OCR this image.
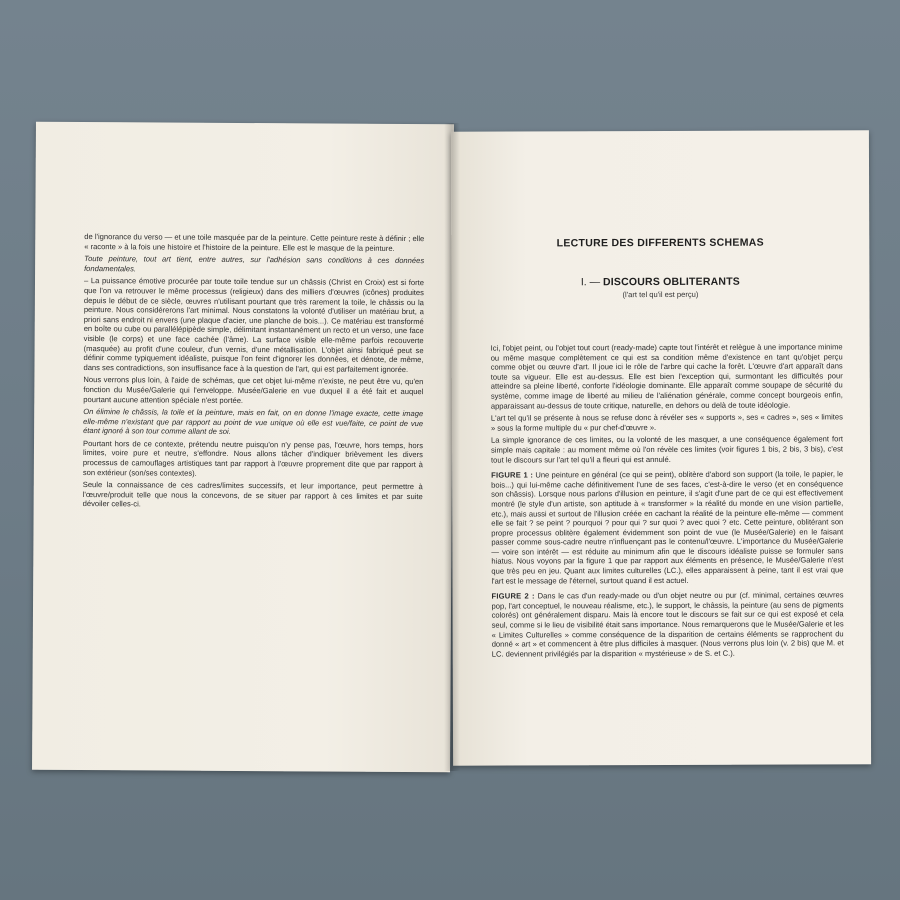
de l'ignorance du verso — et une toile masquée par de la peinture. Cette peinture reste à définir ; elle « raconte » à la fois une histoire et l'histoire de la peinture. Elle est le masque de la peinture.

Toute peinture, tout art tient, entre autres, sur l'adhésion sans conditions à ces données fondamentales.

– La puissance émotive procurée par toute toile tendue sur un châssis (Christ en Croix) est si forte que l'on va retrouver le même processus (religieux) dans des milliers d'œuvres (icônes) produites depuis le début de ce siècle, œuvres n'utilisant pourtant que très rarement la toile, le châssis ou la peinture. Nous considérerons l'art minimal. Nous constatons la volonté d'utiliser un matériau brut, a priori sans endroit ni envers (une plaque d'acier, une planche de bois...). Ce matériau est transformé en boîte ou cube ou parallélépipède simple, délimitant instantanément un recto et un verso, une face visible (le corps) et une face cachée (l'âme). La surface visible elle-même parfois recouverte (masquée) au profit d'une couleur, d'un vernis, d'une métallisation. L'objet ainsi fabriqué peut se définir comme typiquement idéaliste, puisque l'on feint d'ignorer les données, et dénote, de même, dans ses contradictions, son insuffisance face à la question de l'art, qui est parfaitement ignorée.

Nous verrons plus loin, à l'aide de schémas, que cet objet lui-même n'existe, ne peut être vu, qu'en fonction du Musée/Galerie qui l'enveloppe. Musée/Galerie en vue duquel il a été fait et auquel pourtant aucune attention spéciale n'est portée.

On élimine le châssis, la toile et la peinture, mais en fait, on en donne l'image exacte, cette image elle-même n'existant que par rapport au point de vue unique où elle est vue/faite, ce point de vue étant ignoré à son tour comme allant de soi.

Pourtant hors de ce contexte, prétendu neutre puisqu'on n'y pense pas, l'œuvre, hors temps, hors limites, voire pure et neutre, s'effondre. Nous allons tâcher d'indiquer brièvement les divers processus de camouflages artistiques tant par rapport à l'œuvre proprement dite que par rapport à son extérieur (son/ses contextes).

Seule la connaissance de ces cadres/limites successifs, et leur importance, peut permettre à l'œuvre/produit telle que nous la concevons, de se situer par rapport à ces limites et par suite dévoiler celles-ci.

LECTURE DES DIFFERENTS SCHEMAS
I. — DISCOURS OBLITERANTS
(l'art tel qu'il est perçu)

Ici, l'objet peint, ou l'objet tout court (ready-made) capte tout l'intérêt et relègue à une importance minime ou même masque complètement ce qui est sa condition même d'existence en tant qu'objet perçu comme objet ou œuvre d'art. Il joue ici le rôle de l'arbre qui cache la forêt. L'œuvre d'art apparaît dans toute sa vigueur. Elle est au-dessus. Elle est bien l'exception qui, surmontant les difficultés pour atteindre sa pleine liberté, conforte l'idéologie dominante. Elle apparaît comme soupape de sécurité du système, comme image de liberté au milieu de l'aliénation générale, comme concept bourgeois enfin, apparaissant au-dessus de toute critique, naturelle, en dehors ou delà de toute idéologie.

L'art tel qu'il se présente à nous se refuse donc à révéler ses « supports », ses « cadres », ses « limites » sous la forme multiple du « pur chef-d'œuvre ».

La simple ignorance de ces limites, ou la volonté de les masquer, a une conséquence également fort simple mais capitale : au moment même où l'on révèle ces limites (voir figures 1 bis, 2 bis, 3 bis), c'est tout le discours sur l'art tel qu'il a fleuri qui est annulé.

FIGURE 1 : Une peinture en général (ce qui se peint), oblitère d'abord son support (la toile, le papier, le bois...) qui lui-même cache définitivement l'une de ses faces, c'est-à-dire le verso (et en conséquence son châssis). Lorsque nous parlons d'illusion en peinture, il s'agit d'une part de ce qui est effectivement montré (le style d'un artiste, son aptitude à « transformer » la réalité du monde en une vision partielle, etc.), mais aussi et surtout de l'illusion créée en cachant la réalité de la peinture elle-même — comment elle se fait ? se peint ? pourquoi ? pour qui ? sur quoi ? avec quoi ? etc. Cette peinture, oblitérant son propre processus oblitère également évidemment son point de vue (le Musée/Galerie) en le faisant passer comme sous-cadre neutre n'influençant pas le contenu/l'œuvre. L'importance du Musée/Galerie — voire son intérêt — est réduite au minimum afin que le discours idéaliste puisse se formuler sans hiatus. Nous voyons par la figure 1 que par rapport aux éléments en présence, le Musée/Galerie n'est que très peu en jeu. Quant aux limites culturelles (LC.), elles apparaissent à peine, tant il est vrai que l'art est le message de l'éternel, surtout quand il est actuel.

FIGURE 2 : Dans le cas d'un ready-made ou d'un objet neutre ou pur (cf. minimal, certaines œuvres pop, l'art conceptuel, le nouveau réalisme, etc.), le support, le châssis, la peinture (au sens de pigments colorés) ont généralement disparu. Mais là encore tout le discours se fait sur ce qui est exposé et cela seul, comme si le lieu de visibilité était sans importance. Nous remarquerons que le Musée/Galerie et les « Limites Culturelles » comme conséquence de la disparition de certains éléments se rapprochent du donné « art » et commencent à être plus difficiles à masquer. (Nous verrons plus loin (v. 2 bis) que M. et LC. deviennent privilégiés par la disparition « mystérieuse » de S. et C.).
